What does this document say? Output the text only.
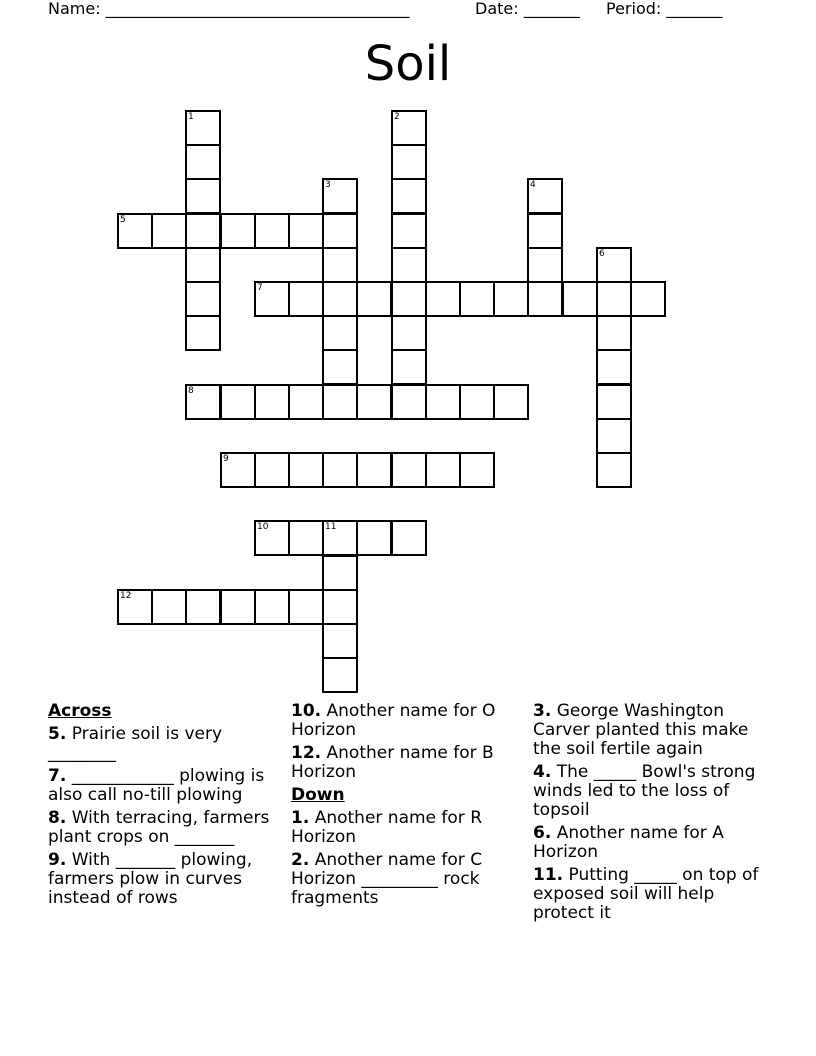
Name: ______________________________________	Date: _______ Period: _______
Soil
1	2
3	4
5
6
7
8
9
10	11
12
Across
5. Prairie soil is very ________
7. ____________ plowing is also call no-till plowing
8. With terracing, farmers plant crops on _______
9. With _______ plowing, farmers plow in curves instead of rows
10. Another name for O Horizon
12. Another name for B Horizon
Down
1. Another name for R Horizon
2. Another name for C Horizon _________ rock fragments
3. George Washington Carver planted this make the soil fertile again
4. The _____ Bowl's strong winds led to the loss of topsoil
6. Another name for A Horizon
11. Putting _____ on top of exposed soil will help protect it
